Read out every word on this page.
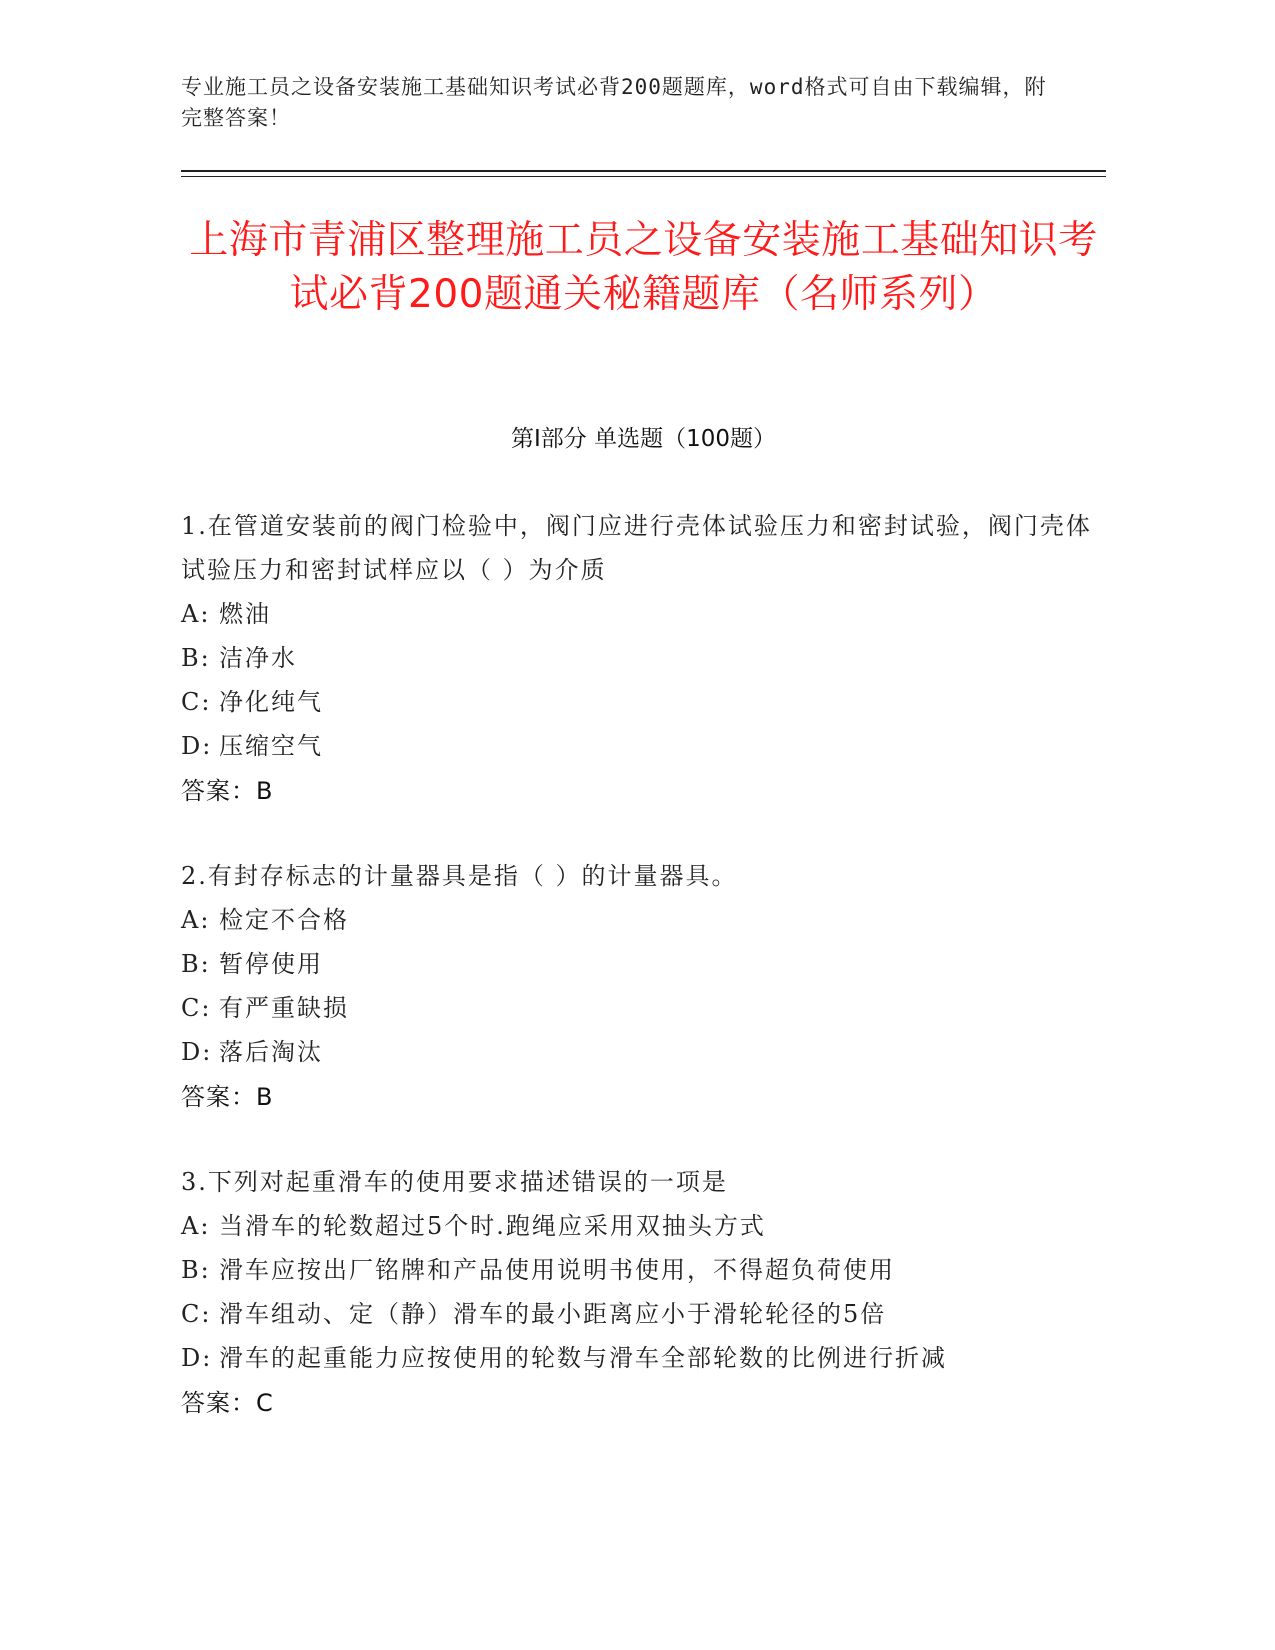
专业施工员之设备安装施工基础知识考试必背200题题库，word格式可自由下载编辑，附完整答案！
上海市青浦区整理施工员之设备安装施工基础知识考试必背200题通关秘籍题库（名师系列）
第I部分 单选题（100题）

1.在管道安装前的阀门检验中，阀门应进行壳体试验压力和密封试验，阀门壳体试验压力和密封试样应以（ ）为介质

A: 燃油
B: 洁净水
C: 净化纯气
D: 压缩空气
答案：B

2.有封存标志的计量器具是指（ ）的计量器具。

A: 检定不合格
B: 暂停使用
C: 有严重缺损
D: 落后淘汰
答案：B

3.下列对起重滑车的使用要求描述错误的一项是

A: 当滑车的轮数超过5个时.跑绳应采用双抽头方式
B: 滑车应按出厂铭牌和产品使用说明书使用，不得超负荷使用
C: 滑车组动、定（静）滑车的最小距离应小于滑轮轮径的5倍
D: 滑车的起重能力应按使用的轮数与滑车全部轮数的比例进行折减
答案：C
